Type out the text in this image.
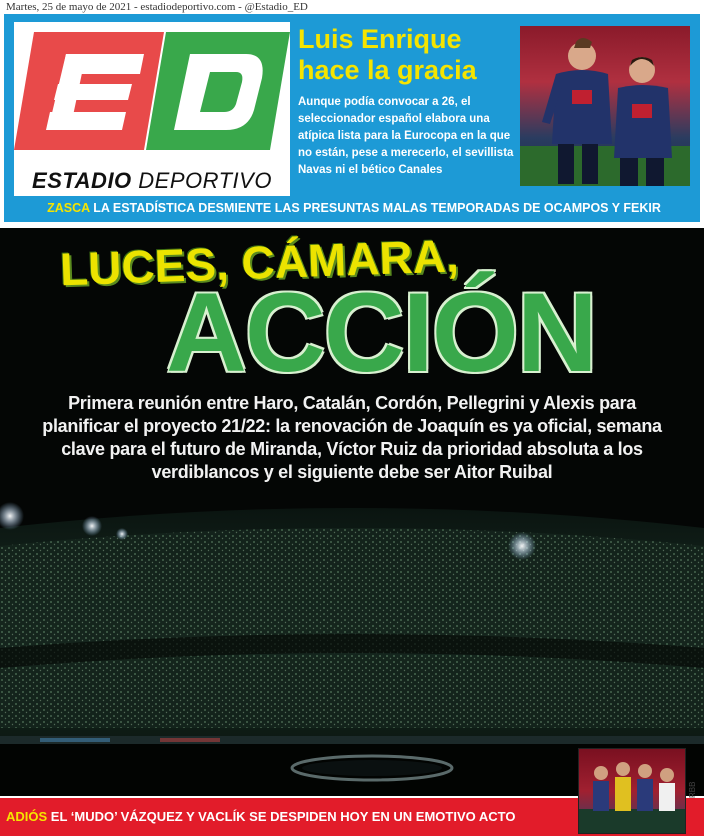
Martes, 25 de mayo de 2021 - estadiodeportivo.com - @Estadio_ED
ESTADIO DEPORTIVO
Luis Enrique hace la gracia
Aunque podía convocar a 26, el seleccionador español elabora una atípica lista para la Eurocopa en la que no están, pese a merecerlo, el sevillista Navas ni el bético Canales
ZASCA LA ESTADÍSTICA DESMIENTE LAS PRESUNTAS MALAS TEMPORADAS DE OCAMPOS Y FEKIR
LUCES, CÁMARA,
ACCIÓN
Primera reunión entre Haro, Catalán, Cordón, Pellegrini y Alexis para planificar el proyecto 21/22: la renovación de Joaquín es ya oficial, semana clave para el futuro de Miranda, Víctor Ruiz da prioridad absoluta a los verdiblancos y el siguiente debe ser Aitor Ruibal
ADIÓS EL ‘MUDO’ VÁZQUEZ Y VACLÍK SE DESPIDEN HOY EN UN EMOTIVO ACTO
RBB
